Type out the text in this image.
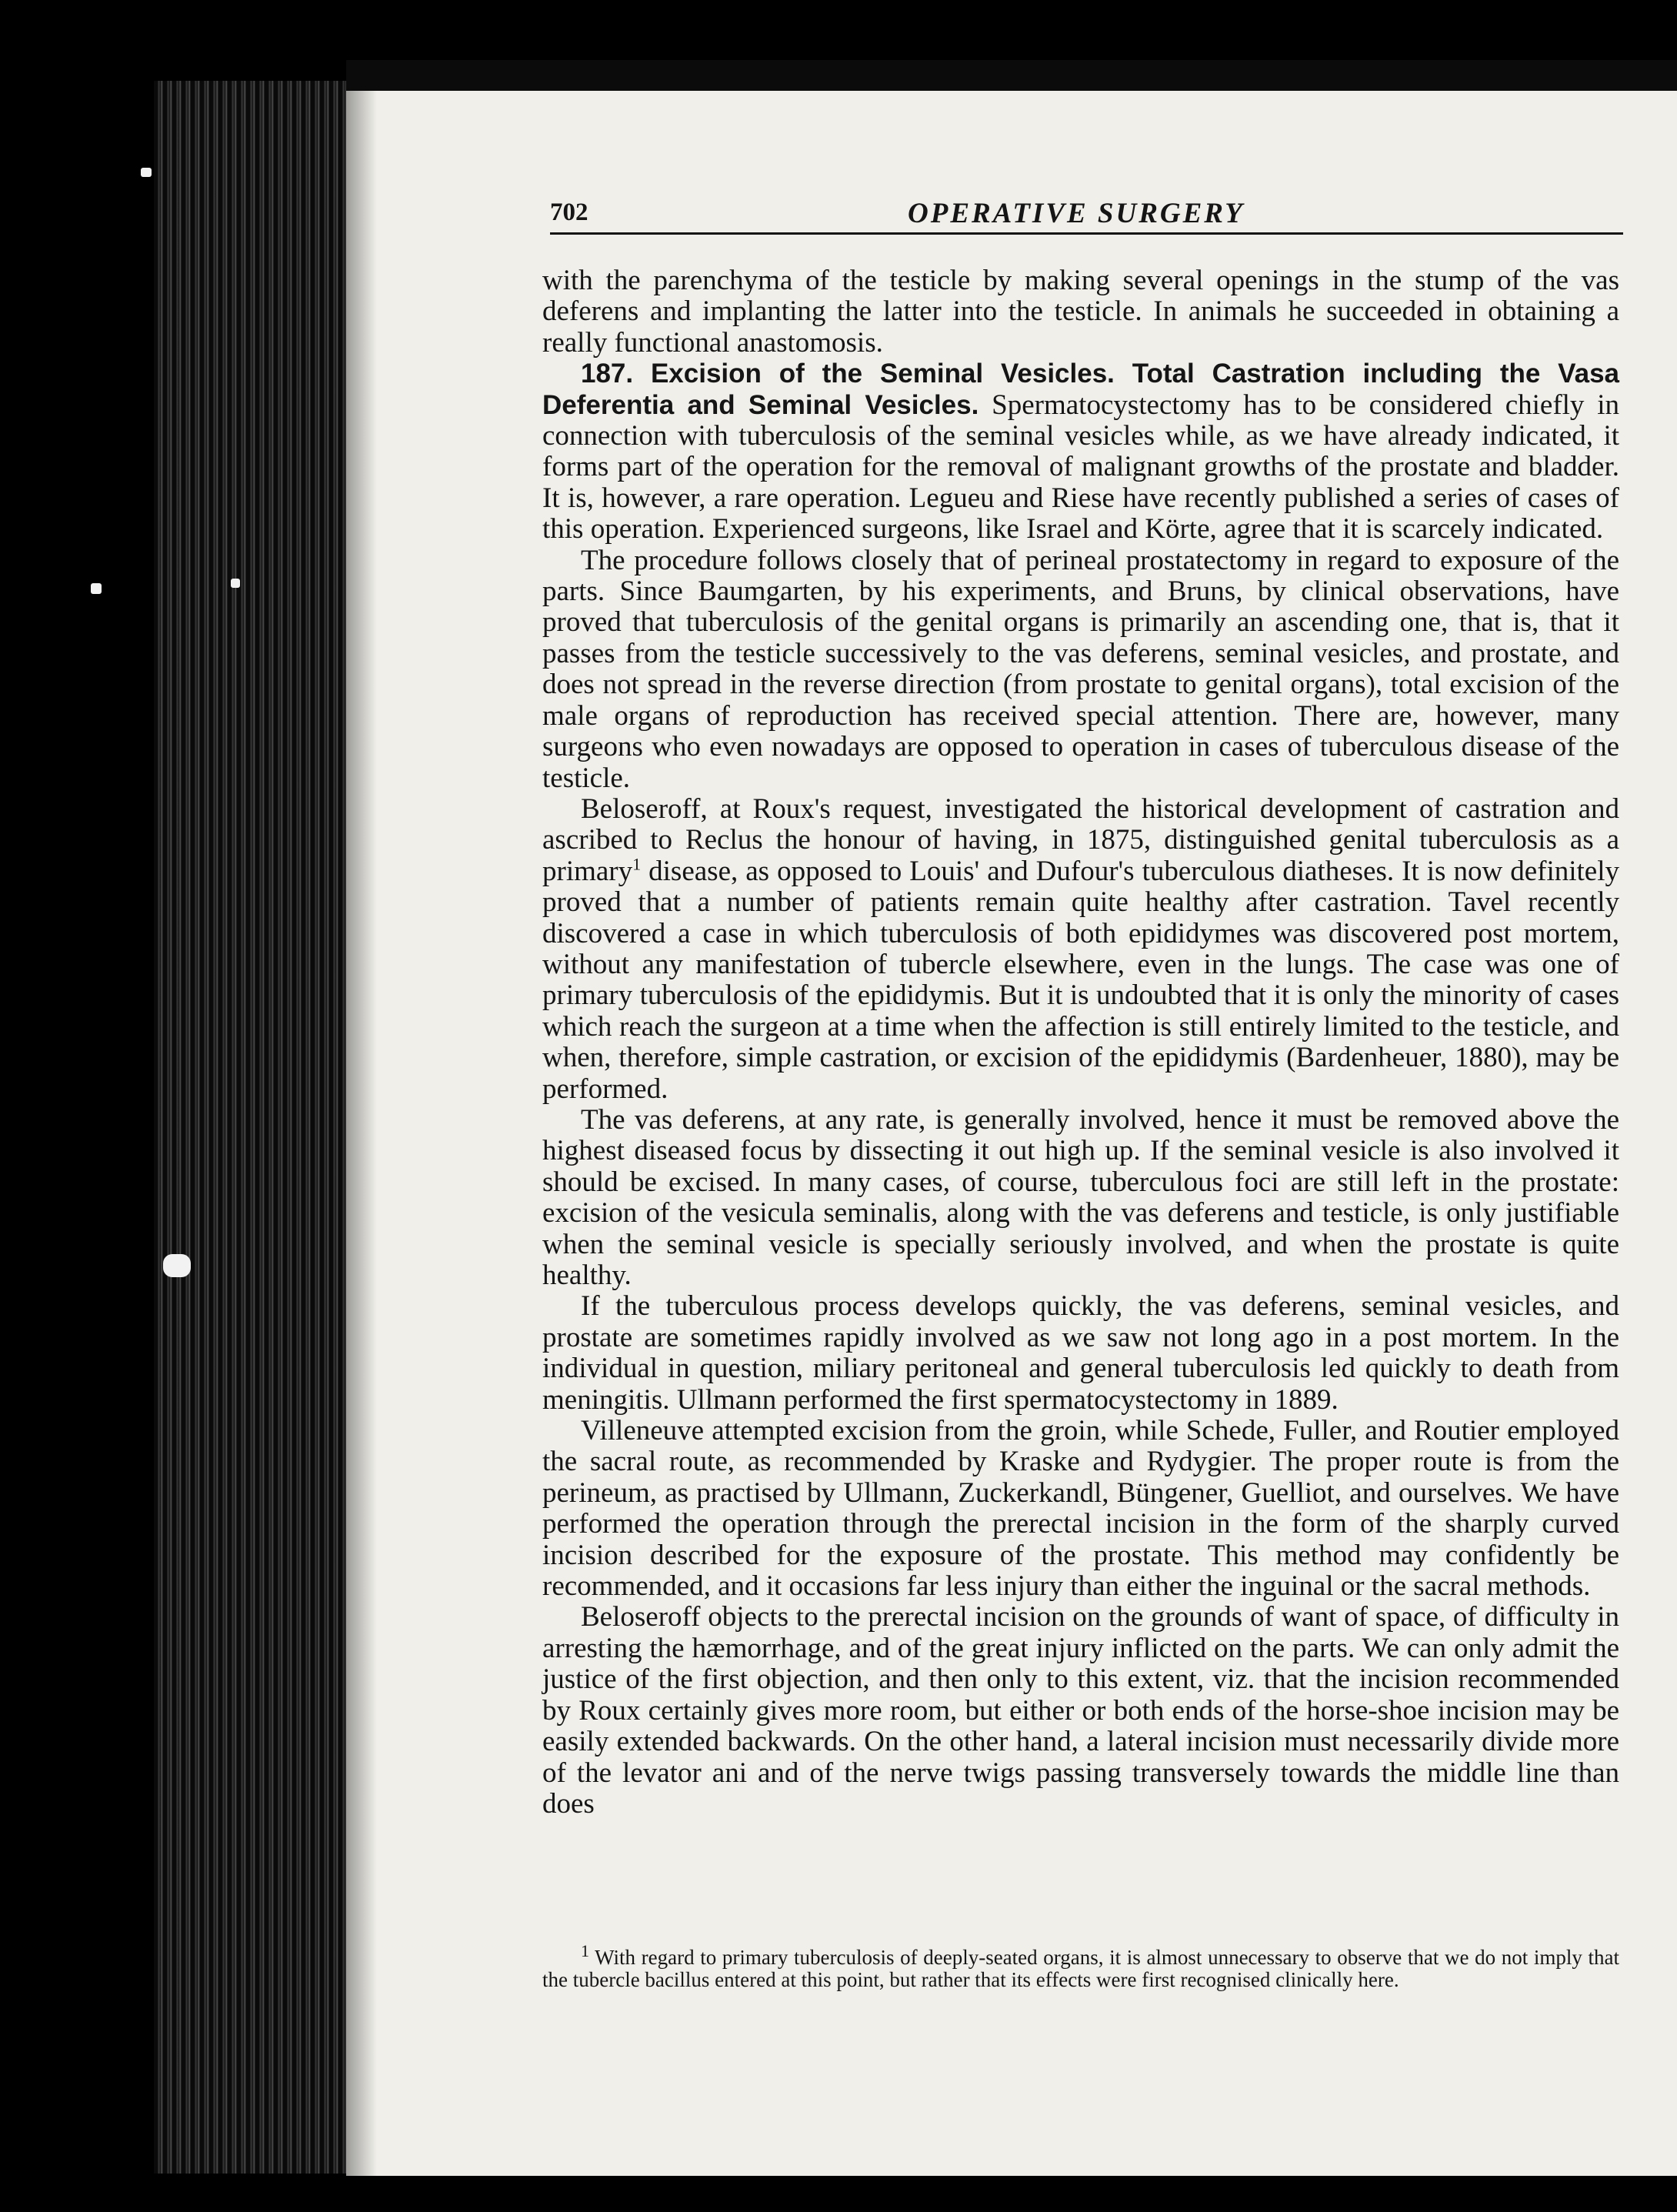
702	OPERATIVE SURGERY

with the parenchyma of the testicle by making several openings in the stump of the vas deferens and implanting the latter into the testicle. In animals he succeeded in obtaining a really functional anastomosis.

187. Excision of the Seminal Vesicles. Total Castration including the Vasa Deferentia and Seminal Vesicles. Spermatocystectomy has to be considered chiefly in connection with tuberculosis of the seminal vesicles while, as we have already indicated, it forms part of the operation for the removal of malignant growths of the prostate and bladder. It is, however, a rare operation. Legueu and Riese have recently published a series of cases of this operation. Experienced surgeons, like Israel and Körte, agree that it is scarcely indicated.

The procedure follows closely that of perineal prostatectomy in regard to exposure of the parts. Since Baumgarten, by his experiments, and Bruns, by clinical observations, have proved that tuberculosis of the genital organs is primarily an ascending one, that is, that it passes from the testicle successively to the vas deferens, seminal vesicles, and prostate, and does not spread in the reverse direction (from prostate to genital organs), total excision of the male organs of reproduction has received special attention. There are, however, many surgeons who even nowadays are opposed to operation in cases of tuberculous disease of the testicle.

Beloseroff, at Roux's request, investigated the historical development of castration and ascribed to Reclus the honour of having, in 1875, distinguished genital tuberculosis as a primary$^1$ disease, as opposed to Louis' and Dufour's tuberculous diatheses. It is now definitely proved that a number of patients remain quite healthy after castration. Tavel recently discovered a case in which tuberculosis of both epididymes was discovered post mortem, without any manifestation of tubercle elsewhere, even in the lungs. The case was one of primary tuberculosis of the epididymis. But it is undoubted that it is only the minority of cases which reach the surgeon at a time when the affection is still entirely limited to the testicle, and when, therefore, simple castration, or excision of the epididymis (Bardenheuer, 1880), may be performed.

The vas deferens, at any rate, is generally involved, hence it must be removed above the highest diseased focus by dissecting it out high up. If the seminal vesicle is also involved it should be excised. In many cases, of course, tuberculous foci are still left in the prostate: excision of the vesicula seminalis, along with the vas deferens and testicle, is only justifiable when the seminal vesicle is specially seriously involved, and when the prostate is quite healthy.

If the tuberculous process develops quickly, the vas deferens, seminal vesicles, and prostate are sometimes rapidly involved as we saw not long ago in a post mortem. In the individual in question, miliary peritoneal and general tuberculosis led quickly to death from meningitis. Ullmann performed the first spermatocystectomy in 1889.

Villeneuve attempted excision from the groin, while Schede, Fuller, and Routier employed the sacral route, as recommended by Kraske and Rydygier. The proper route is from the perineum, as practised by Ullmann, Zuckerkandl, Büngener, Guelliot, and ourselves. We have performed the operation through the prerectal incision in the form of the sharply curved incision described for the exposure of the prostate. This method may confidently be recommended, and it occasions far less injury than either the inguinal or the sacral methods.

Beloseroff objects to the prerectal incision on the grounds of want of space, of difficulty in arresting the hæmorrhage, and of the great injury inflicted on the parts. We can only admit the justice of the first objection, and then only to this extent, viz. that the incision recommended by Roux certainly gives more room, but either or both ends of the horse-shoe incision may be easily extended backwards. On the other hand, a lateral incision must necessarily divide more of the levator ani and of the nerve twigs passing transversely towards the middle line than does

$^1$ With regard to primary tuberculosis of deeply-seated organs, it is almost unnecessary to observe that we do not imply that the tubercle bacillus entered at this point, but rather that its effects were first recognised clinically here.
